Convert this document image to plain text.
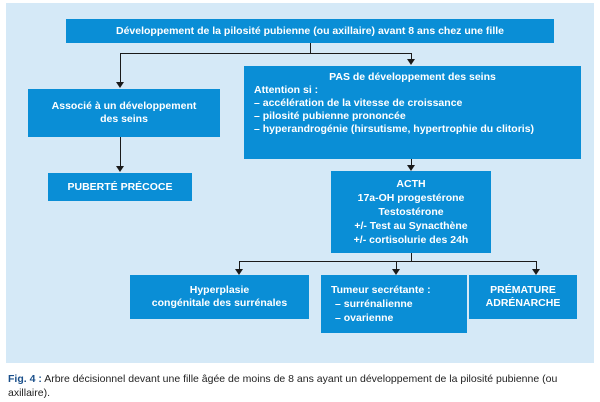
Développement de la pilosité pubienne (ou axillaire) avant 8 ans chez une fille
Associé à un développement
des seins
PUBERTÉ PRÉCOCE
PAS de développement des seins
Attention si :
– accélération de la vitesse de croissance
– pilosité pubienne prononcée
– hyperandrogénie (hirsutisme, hypertrophie du clitoris)
ACTH
17a-OH progestérone
Testostérone
+/- Test au Synacthène
+/- cortisolurie des 24h
Hyperplasie
congénitale des surrénales
Tumeur secrétante :
– surrénalienne
– ovarienne
PRÉMATURE
ADRÉNARCHE
Fig. 4 : Arbre décisionnel devant une fille âgée de moins de 8 ans ayant un développement de la pilosité pubienne (ou axillaire).
